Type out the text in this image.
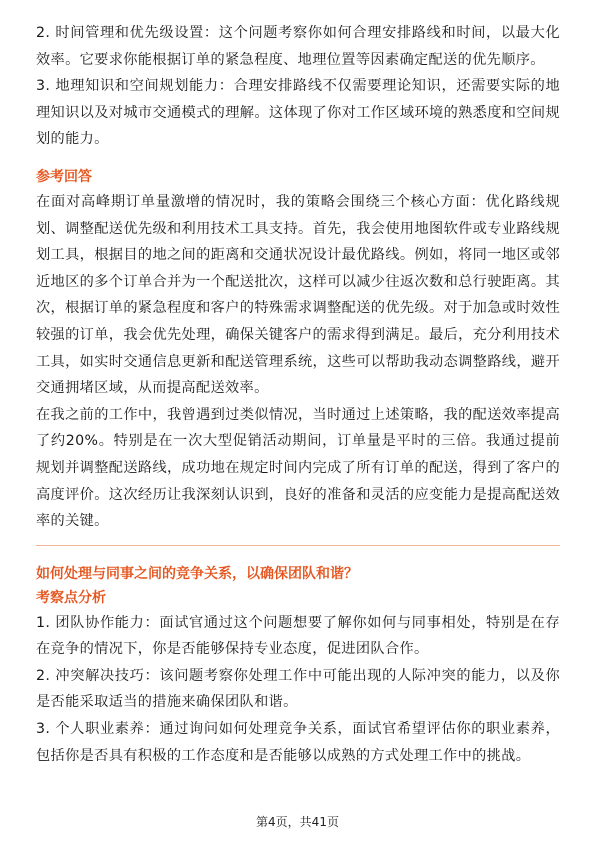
2. 时间管理和优先级设置：这个问题考察你如何合理安排路线和时间，以最大化效率。它要求你能根据订单的紧急程度、地理位置等因素确定配送的优先顺序。

3. 地理知识和空间规划能力：合理安排路线不仅需要理论知识，还需要实际的地理知识以及对城市交通模式的理解。这体现了你对工作区域环境的熟悉度和空间规划的能力。

参考回答

在面对高峰期订单量激增的情况时，我的策略会围绕三个核心方面：优化路线规划、调整配送优先级和利用技术工具支持。首先，我会使用地图软件或专业路线规划工具，根据目的地之间的距离和交通状况设计最优路线。例如，将同一地区或邻近地区的多个订单合并为一个配送批次，这样可以减少往返次数和总行驶距离。其次，根据订单的紧急程度和客户的特殊需求调整配送的优先级。对于加急或时效性较强的订单，我会优先处理，确保关键客户的需求得到满足。最后，充分利用技术工具，如实时交通信息更新和配送管理系统，这些可以帮助我动态调整路线，避开交通拥堵区域，从而提高配送效率。

在我之前的工作中，我曾遇到过类似情况，当时通过上述策略，我的配送效率提高了约20%。特别是在一次大型促销活动期间，订单量是平时的三倍。我通过提前规划并调整配送路线，成功地在规定时间内完成了所有订单的配送，得到了客户的高度评价。这次经历让我深刻认识到，良好的准备和灵活的应变能力是提高配送效率的关键。

如何处理与同事之间的竞争关系，以确保团队和谐？
考察点分析

1. 团队协作能力：面试官通过这个问题想要了解你如何与同事相处，特别是在存在竞争的情况下，你是否能够保持专业态度，促进团队合作。

2. 冲突解决技巧：该问题考察你处理工作中可能出现的人际冲突的能力，以及你是否能采取适当的措施来确保团队和谐。

3. 个人职业素养：通过询问如何处理竞争关系，面试官希望评估你的职业素养，包括你是否具有积极的工作态度和是否能够以成熟的方式处理工作中的挑战。

第4页，共41页
